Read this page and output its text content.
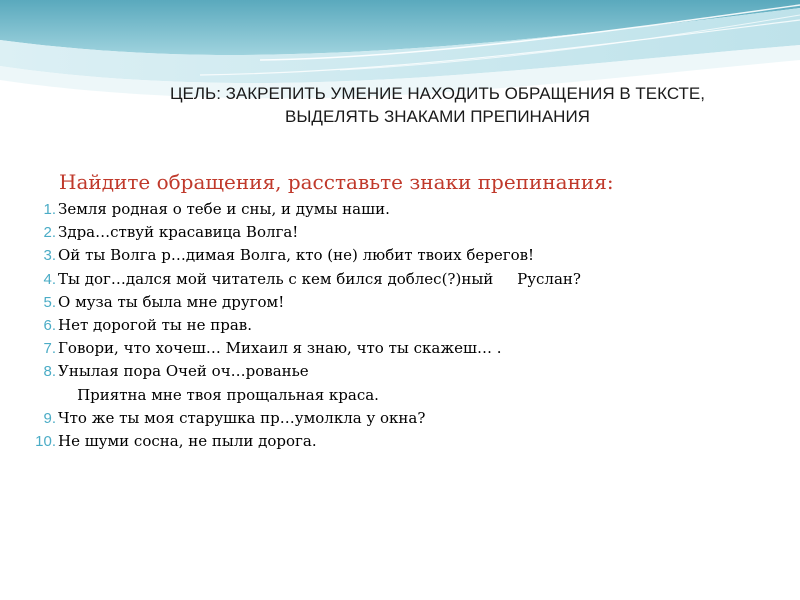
ЦЕЛЬ: ЗАКРЕПИТЬ УМЕНИЕ НАХОДИТЬ ОБРАЩЕНИЯ В ТЕКСТЕ,
ВЫДЕЛЯТЬ ЗНАКАМИ ПРЕПИНАНИЯ
Найдите обращения, расставьте знаки препинания:

1.

Земля родная о тебе и сны, и думы наши.

2.

Здра…ствуй красавица Волга!

3.

Ой ты Волга р…димая Волга, кто (не) любит твоих берегов!

4.

Ты дог…дался мой читатель с кем бился доблес(?)ный     Руслан?

5.

О муза ты была мне другом!

6.

Нет дорогой ты не прав.

7.

Говори, что хочеш… Михаил я знаю, что ты скажеш… .

8.

Унылая пора Очей оч…рованье

Приятна мне твоя прощальная краса.

9.

Что же ты моя старушка пр…умолкла у окна?

10.

Не шуми сосна, не пыли дорога.
